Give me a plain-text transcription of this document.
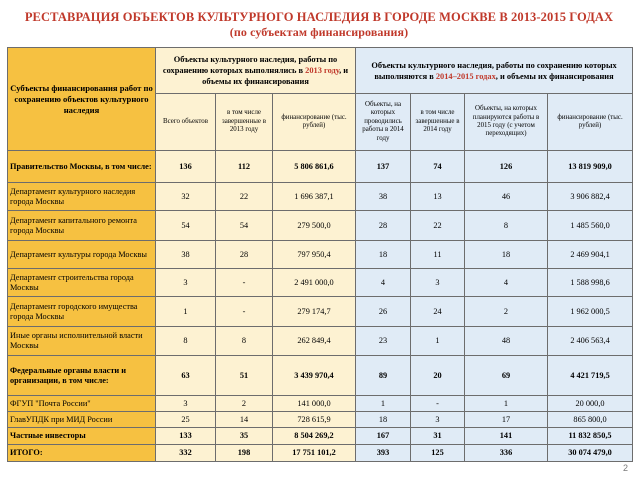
РЕСТАВРАЦИЯ ОБЪЕКТОВ КУЛЬТУРНОГО НАСЛЕДИЯ В ГОРОДЕ МОСКВЕ В 2013-2015 ГОДАХ
(по субъектам финансирования)
Субъекты финансирования работ по сохранению объектов культурного наследия	Объекты культурного наследия, работы по сохранению которых выполнялись в 2013 году, и объемы их финансирования			Объекты культурного наследия, работы по сохранению которых выполняются в 2014–2015 годах, и объемы их финансирования			
	Всего объектов	в том числе завершенные в 2013 году	финансирование (тыс. рублей)	Объекты, на которых проводились работы в 2014 году	в том числе завершенные в 2014 году	Объекты, на которых планируются работы в 2015 году (с учетом переходящих)	финансирование (тыс. рублей)
Правительство Москвы, в том числе:	136	112	5 806 861,6	137	74	126	13 819 909,0
Департамент культурного наследия города Москвы	32	22	1 696 387,1	38	13	46	3 906 882,4
Департамент капитального ремонта города Москвы	54	54	279 500,0	28	22	8	1 485 560,0
Департамент культуры города Москвы	38	28	797 950,4	18	11	18	2 469 904,1
Департамент строительства города Москвы	3	-	2 491 000,0	4	3	4	1 588 998,6
Департамент городского имущества города Москвы	1	-	279 174,7	26	24	2	1 962 000,5
Иные органы исполнительной власти Москвы	8	8	262 849,4	23	1	48	2 406 563,4
Федеральные органы власти и организации, в том числе:	63	51	3 439 970,4	89	20	69	4 421 719,5
ФГУП "Почта России"	3	2	141 000,0	1	-	1	20 000,0
ГлавУПДК при МИД России	25	14	728 615,9	18	3	17	865 800,0
Частные инвесторы	133	35	8 504 269,2	167	31	141	11 832 850,5
ИТОГО:	332	198	17 751 101,2	393	125	336	30 074 479,0
2
